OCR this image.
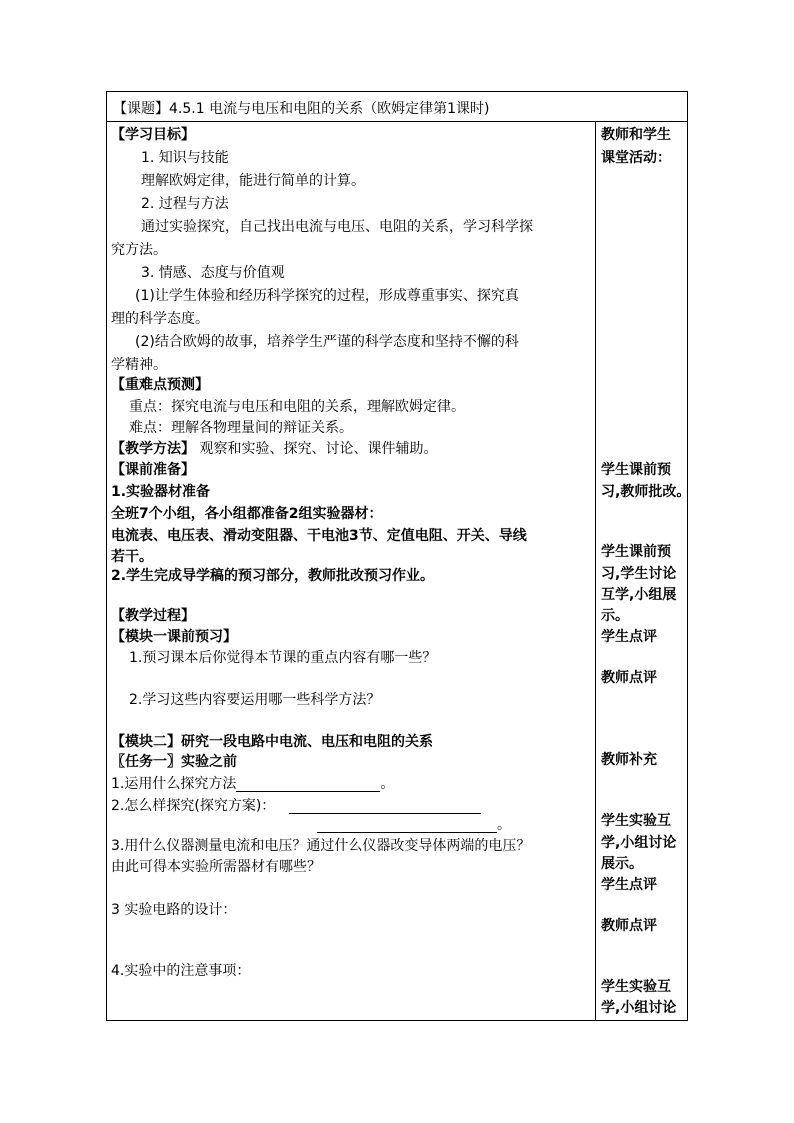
【课题】4.5.1 电流与电压和电阻的关系（欧姆定律第1课时)
【学习目标】
1. 知识与技能
理解欧姆定律，能进行简单的计算。
2. 过程与方法
通过实验探究，自己找出电流与电压、电阻的关系，学习科学探
究方法。
3. 情感、态度与价值观
(1)让学生体验和经历科学探究的过程，形成尊重事实、探究真
理的科学态度。
(2)结合欧姆的故事，培养学生严谨的科学态度和坚持不懈的科
学精神。
【重难点预测】
重点：探究电流与电压和电阻的关系，理解欧姆定律。
难点：理解各物理量间的辩证关系。
【教学方法】 观察和实验、探究、讨论、课件辅助。
【课前准备】
1.实验器材准备
全班7个小组，各小组都准备2组实验器材：
电流表、电压表、滑动变阻器、干电池3节、定值电阻、开关、导线
若干。
2.学生完成导学稿的预习部分，教师批改预习作业。
【教学过程】
【模块一课前预习】
1.预习课本后你觉得本节课的重点内容有哪一些？
2.学习这些内容要运用哪一些科学方法？
【模块二】研究一段电路中电流、电压和电阻的关系
〖任务一〗实验之前
1.运用什么探究方法	。
2.怎么样探究(探究方案)：
。
3.用什么仪器测量电流和电压？通过什么仪器改变导体两端的电压？
由此可得本实验所需器材有哪些？
3 实验电路的设计：
4.实验中的注意事项：
教师和学生
课堂活动：
学生课前预
习,教师批改。
学生课前预
习,学生讨论
互学,小组展
示。
学生点评
教师点评
教师补充
学生实验互
学,小组讨论
展示。
学生点评
教师点评
学生实验互
学,小组讨论
